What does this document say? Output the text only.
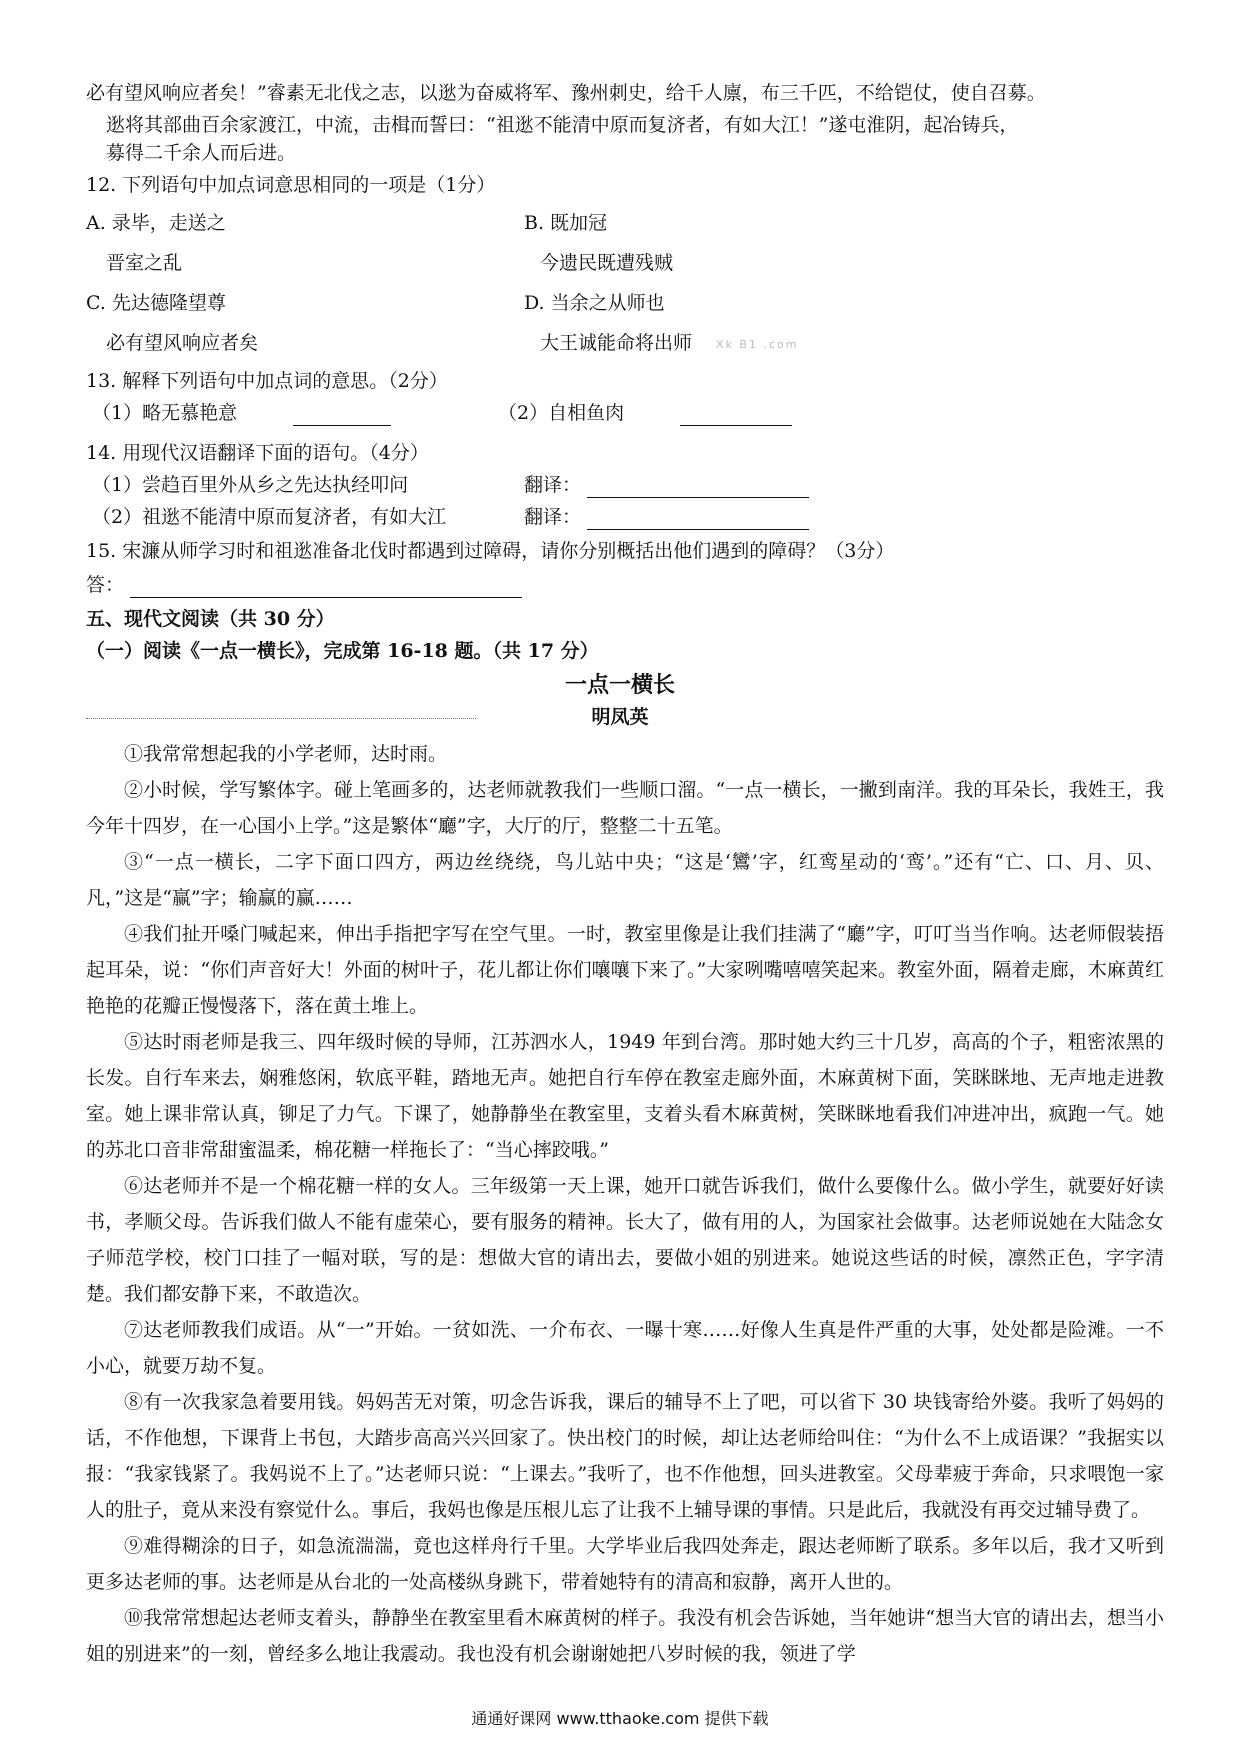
必有望风响应者矣！”睿素无北伐之志，以逖为奋威将军、豫州刺史，给千人廪，布三千匹，不给铠仗，使自召募。
逖将其部曲百余家渡江，中流，击楫而誓曰：“祖逖不能清中原而复济者，有如大江！”遂屯淮阴，起冶铸兵，
募得二千余人而后进。
12. 下列语句中加点词意思相同的一项是（1分）
A. 录毕，走送之	B. 既加冠
晋室之乱	今遗民既遭残贼
C. 先达德隆望尊	D. 当余之从师也
必有望风响应者矣	大王诚能命将出师 Xk B1 .com
13. 解释下列语句中加点词的意思。（2分）
（1）略无慕艳意	（2）自相鱼肉
14. 用现代汉语翻译下面的语句。（4分）
（1）尝趋百里外从乡之先达执经叩问	翻译：
（2）祖逖不能清中原而复济者，有如大江	翻译：
15. 宋濂从师学习时和祖逖准备北伐时都遇到过障碍，请你分别概括出他们遇到的障碍？（3分）
答：
五、现代文阅读（共 30 分）
（一）阅读《一点一横长》，完成第 16-18 题。（共 17 分）
一点一横长
明凤英

①我常常想起我的小学老师，达时雨。

②小时候，学写繁体字。碰上笔画多的，达老师就教我们一些顺口溜。“一点一横长，一撇到南洋。我的耳朵长，我姓王，我今年十四岁，在一心国小上学。”这是繁体“廳”字，大厅的厅，整整二十五笔。

③“一点一横长，二字下面口四方，两边丝绕绕，鸟儿站中央；“这是‘鸞’字，红鸾星动的‘鸾’。”还有“亡、口、月、贝、凡，”这是“赢”字；输赢的赢……

④我们扯开嗓门喊起来，伸出手指把字写在空气里。一时，教室里像是让我们挂满了“廳”字，叮叮当当作响。达老师假装捂起耳朵，说：“你们声音好大！外面的树叶子，花儿都让你们嚷嚷下来了。”大家咧嘴嘻嘻笑起来。教室外面，隔着走廊，木麻黄红艳艳的花瓣正慢慢落下，落在黄土堆上。

⑤达时雨老师是我三、四年级时候的导师，江苏泗水人，1949 年到台湾。那时她大约三十几岁，高高的个子，粗密浓黑的长发。自行车来去，娴雅悠闲，软底平鞋，踏地无声。她把自行车停在教室走廊外面，木麻黄树下面，笑眯眯地、无声地走进教室。她上课非常认真，铆足了力气。下课了，她静静坐在教室里，支着头看木麻黄树，笑眯眯地看我们冲进冲出，疯跑一气。她的苏北口音非常甜蜜温柔，棉花糖一样拖长了：“当心摔跤哦。”

⑥达老师并不是一个棉花糖一样的女人。三年级第一天上课，她开口就告诉我们，做什么要像什么。做小学生，就要好好读书，孝顺父母。告诉我们做人不能有虚荣心，要有服务的精神。长大了，做有用的人，为国家社会做事。达老师说她在大陆念女子师范学校，校门口挂了一幅对联，写的是：想做大官的请出去，要做小姐的别进来。她说这些话的时候，凛然正色，字字清楚。我们都安静下来，不敢造次。

⑦达老师教我们成语。从“一”开始。一贫如洗、一介布衣、一曝十寒……好像人生真是件严重的大事，处处都是险滩。一不小心，就要万劫不复。

⑧有一次我家急着要用钱。妈妈苦无对策，叨念告诉我，课后的辅导不上了吧，可以省下 30 块钱寄给外婆。我听了妈妈的话，不作他想，下课背上书包，大踏步高高兴兴回家了。快出校门的时候，却让达老师给叫住：“为什么不上成语课？”我据实以报：“我家钱紧了。我妈说不上了。”达老师只说：“上课去。”我听了，也不作他想，回头进教室。父母辈疲于奔命，只求喂饱一家人的肚子，竟从来没有察觉什么。事后，我妈也像是压根儿忘了让我不上辅导课的事情。只是此后，我就没有再交过辅导费了。

⑨难得糊涂的日子，如急流湍湍，竟也这样舟行千里。大学毕业后我四处奔走，跟达老师断了联系。多年以后，我才又听到更多达老师的事。达老师是从台北的一处高楼纵身跳下，带着她特有的清高和寂静，离开人世的。

⑩我常常想起达老师支着头，静静坐在教室里看木麻黄树的样子。我没有机会告诉她，当年她讲“想当大官的请出去，想当小姐的别进来”的一刻，曾经多么地让我震动。我也没有机会谢谢她把八岁时候的我，领进了学

通通好课网 www.tthaoke.com 提供下载
